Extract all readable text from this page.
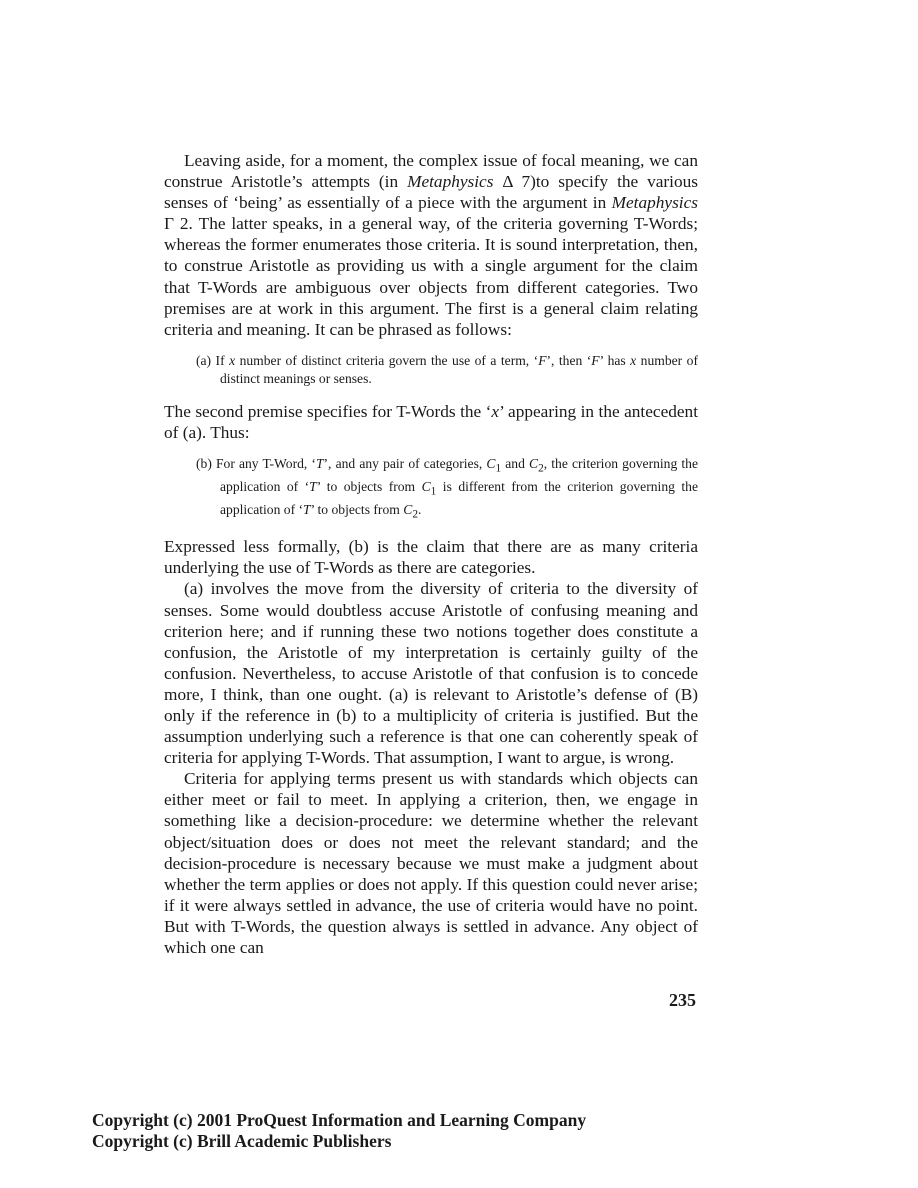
Leaving aside, for a moment, the complex issue of focal meaning, we can construe Aristotle’s attempts (in Metaphysics Δ 7)to specify the various senses of ‘being’ as essentially of a piece with the argument in Metaphysics Γ 2. The latter speaks, in a general way, of the criteria governing T-Words; whereas the former enumerates those criteria. It is sound interpretation, then, to construe Aristotle as providing us with a single argument for the claim that T-Words are ambiguous over objects from different categories. Two premises are at work in this argument. The first is a general claim relating criteria and meaning. It can be phrased as follows:

(a) If x number of distinct criteria govern the use of a term, ‘F’, then ‘F’ has x number of distinct meanings or senses.

The second premise specifies for T-Words the ‘x’ appearing in the antecedent of (a). Thus:

(b) For any T-Word, ‘T’, and any pair of categories, $C_1$ and $C_2$, the criterion governing the application of ‘T’ to objects from $C_1$ is different from the criterion governing the application of ‘T’ to objects from $C_2$.

Expressed less formally, (b) is the claim that there are as many criteria underlying the use of T-Words as there are categories.

(a) involves the move from the diversity of criteria to the diversity of senses. Some would doubtless accuse Aristotle of confusing meaning and criterion here; and if running these two notions together does constitute a confusion, the Aristotle of my interpretation is certainly guilty of the confusion. Nevertheless, to accuse Aristotle of that confusion is to concede more, I think, than one ought. (a) is relevant to Aristotle’s defense of (B) only if the reference in (b) to a multiplicity of criteria is justified. But the assumption underlying such a reference is that one can coherently speak of criteria for applying T-Words. That assumption, I want to argue, is wrong.

Criteria for applying terms present us with standards which objects can either meet or fail to meet. In applying a criterion, then, we engage in something like a decision-procedure: we determine whether the relevant object/situation does or does not meet the relevant standard; and the decision-procedure is necessary because we must make a judgment about whether the term applies or does not apply. If this question could never arise; if it were always settled in advance, the use of criteria would have no point. But with T-Words, the question always is settled in advance. Any object of which one can

235
Copyright (c) 2001 ProQuest Information and Learning Company
Copyright (c) Brill Academic Publishers
